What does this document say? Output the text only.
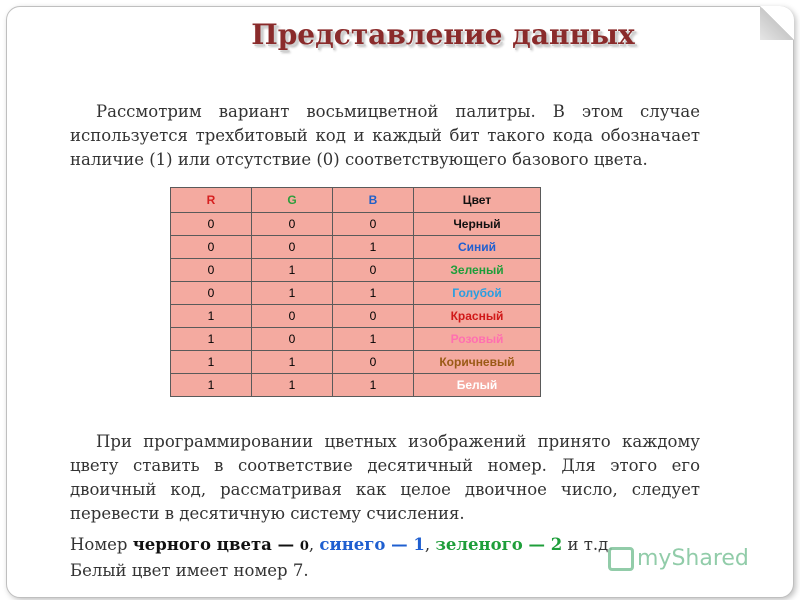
Представление данных
Рассмотрим вариант восьмицветной палитры. В этом случае используется трехбитовый код и каждый бит такого кода обозначает наличие (1) или отсутствие (0) соответствующего базового цвета.
R	G	B	Цвет
0	0	0	Черный
0	0	1	Синий
0	1	0	Зеленый
0	1	1	Голубой
1	0	0	Красный
1	0	1	Розовый
1	1	0	Коричневый
1	1	1	Белый
При программировании цветных изображений принято каждому цвету ставить в соответствие десятичный номер. Для этого его двоичный код, рассматривая как целое двоичное число, следует перевести в десятичную систему счисления.
Номер черного цвета — 0, синего — 1, зеленого — 2 и т.д.
Белый цвет имеет номер 7.	myShared
